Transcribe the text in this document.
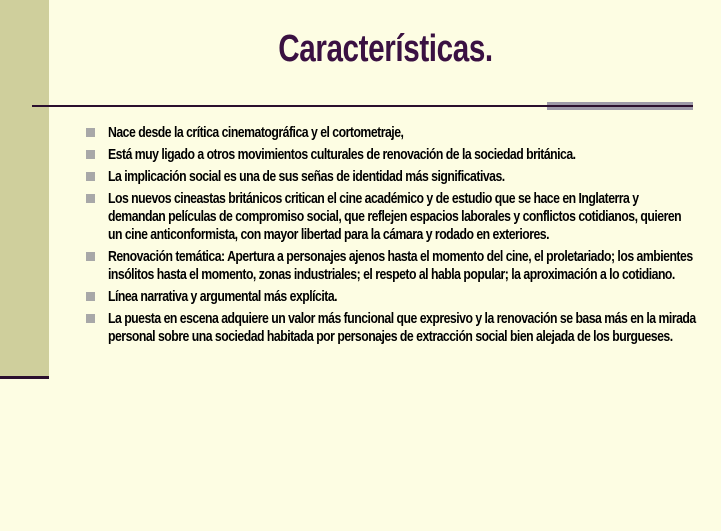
Características.
Nace desde la crítica cinematográfica y el cortometraje,
Está muy ligado a otros movimientos culturales de renovación de la sociedad británica.
La implicación social es una de sus señas de identidad más significativas.
Los nuevos cineastas británicos critican el cine académico y de estudio que se hace en Inglaterra y demandan películas de compromiso social, que reflejen espacios laborales y conflictos cotidianos, quieren un cine anticonformista, con mayor libertad para la cámara y rodado en exteriores.
Renovación temática: Apertura a personajes ajenos hasta el momento del cine, el proletariado; los ambientes insólitos hasta el momento, zonas industriales; el respeto al habla popular; la aproximación a lo cotidiano.
Línea narrativa y argumental más explícita.
La puesta en escena adquiere un valor más funcional que expresivo y la renovación se basa más en la mirada personal sobre una sociedad habitada por personajes de extracción social bien alejada de los burgueses.
